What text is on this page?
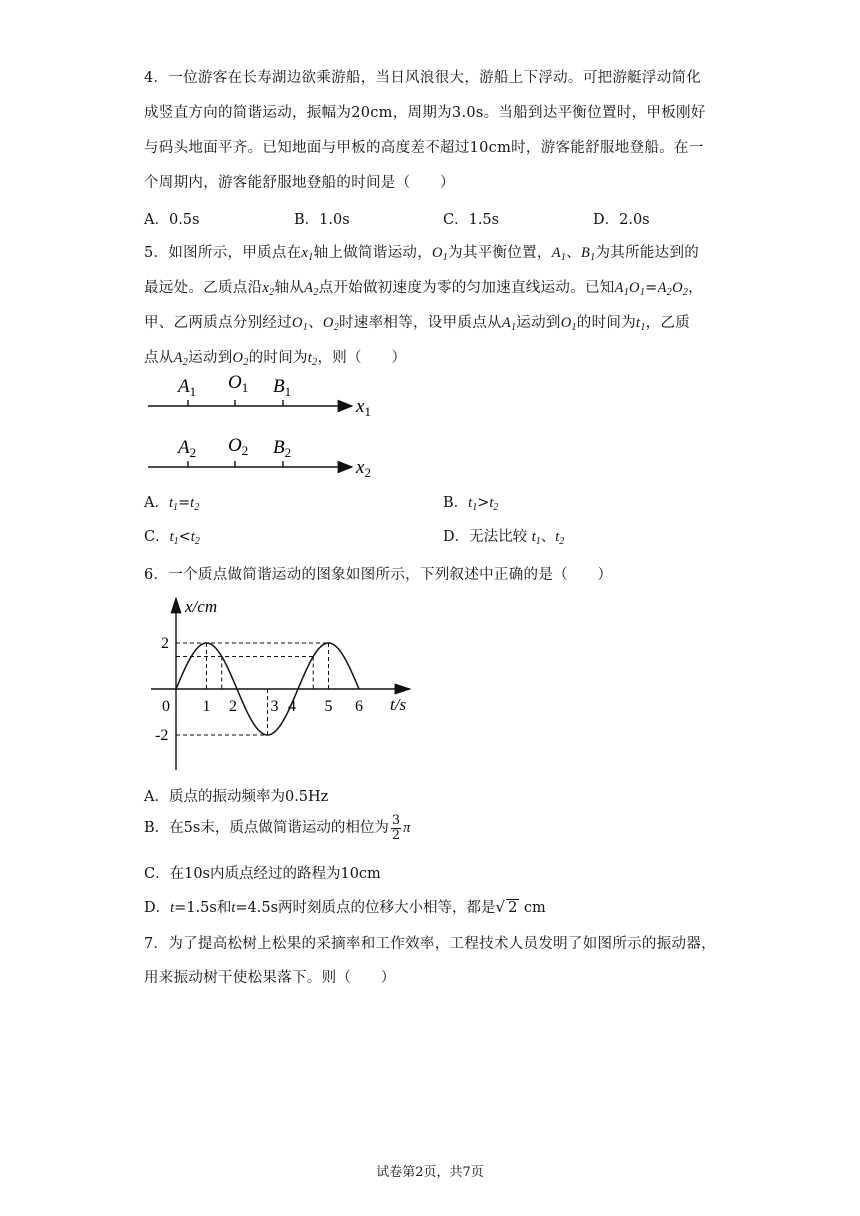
4．一位游客在长寿湖边欲乘游船，当日风浪很大，游船上下浮动。可把游艇浮动简化
成竖直方向的简谐运动，振幅为20cm，周期为3.0s。当船到达平衡位置时，甲板刚好
与码头地面平齐。已知地面与甲板的高度差不超过10cm时，游客能舒服地登船。在一
个周期内，游客能舒服地登船的时间是（　　）
A．0.5s	B．1.0s	C．1.5s	D．2.0s
5．如图所示，甲质点在$x_1$轴上做简谐运动，$O_1$为其平衡位置，$A_1$、$B_1$为其所能达到的
最远处。乙质点沿$x_2$轴从$A_2$点开始做初速度为零的匀加速直线运动。已知$A_1O_1=A_2O_2$，
甲、乙两质点分别经过$O_1$、$O_2$时速率相等，设甲质点从$A_1$运动到$O_1$的时间为$t_1$，乙质
点从$A_2$运动到$O_2$的时间为$t_2$，则（　　）
$A_1$ $O_1$ $B_1$
$x_1$
$A_2$ $O_2$ $B_2$
$x_2$
A．$t_1=t_2$	B．$t_1>t_2$
C．$t_1<t_2$	D．无法比较 $t_1$、$t_2$
6．一个质点做简谐运动的图象如图所示，下列叙述中正确的是（　　）
x/cm
t/s
0
2
-2
1 2 3 4 5 6
A．质点的振动频率为0.5Hz
B．在5s末，质点做简谐运动的相位为 $\frac{3}{2}$ π
C．在10s内质点经过的路程为10cm
D．t=1.5s和t=4.5s两时刻质点的位移大小相等，都是√ 2 cm
7．为了提高松树上松果的采摘率和工作效率，工程技术人员发明了如图所示的振动器，
用来振动树干使松果落下。则（　　）
试卷第2页，共7页
